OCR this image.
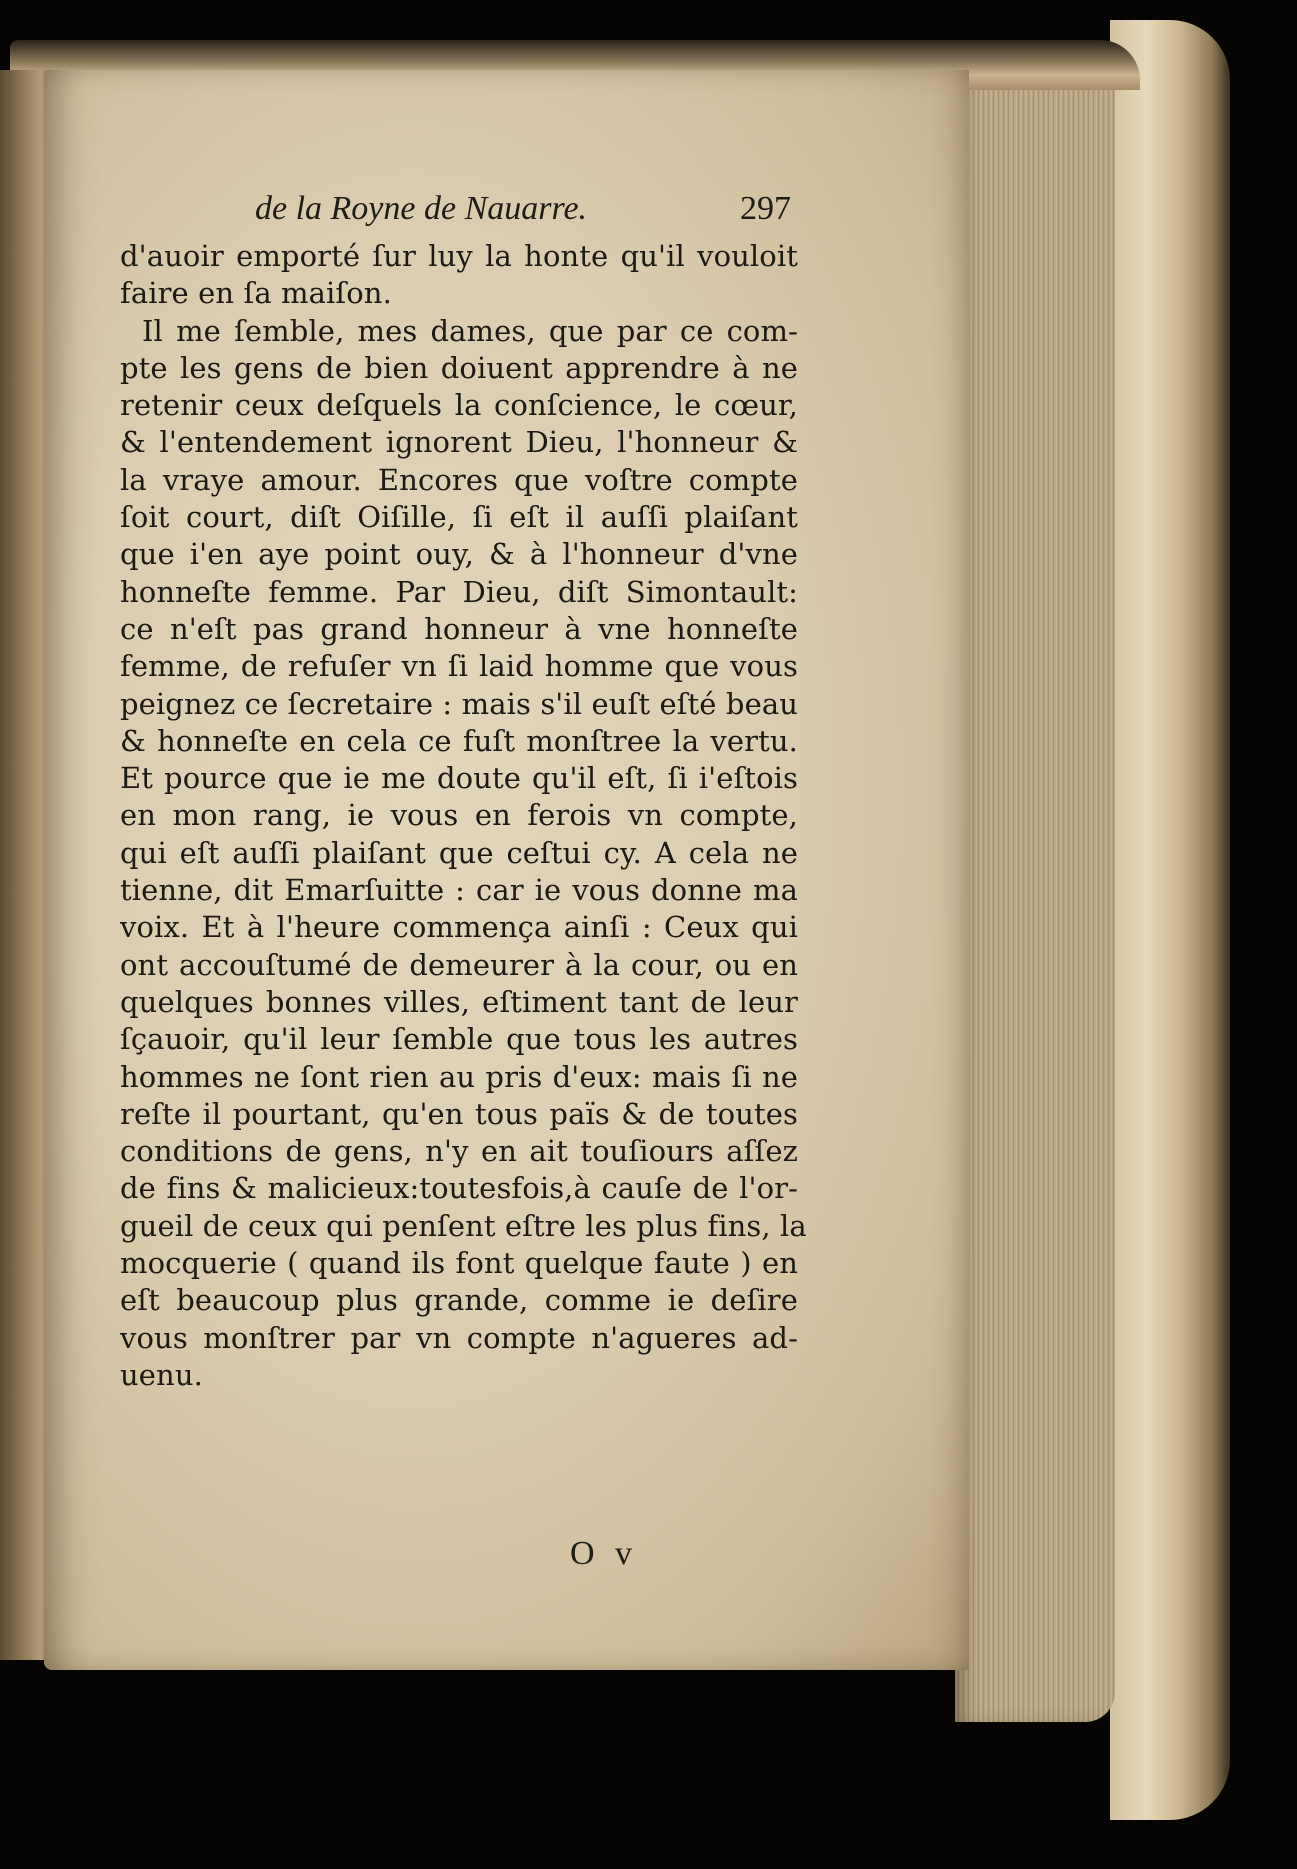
de la Royne de Nauarre.	297
d'auoir emporté ſur luy la honte qu'il vouloit
faire en ſa maiſon.
Il me ſemble, mes dames, que par ce com-
pte les gens de bien doiuent apprendre à ne
retenir ceux deſquels la conſcience, le cœur,
& l'entendement ignorent Dieu, l'honneur &
la vraye amour. Encores que voſtre compte
ſoit court, diſt Oiſille, ſi eſt il auſſi plaiſant
que i'en aye point ouy, & à l'honneur d'vne
honneſte femme. Par Dieu, diſt Simontault:
ce n'eſt pas grand honneur à vne honneſte
femme, de refuſer vn ſi laid homme que vous
peignez ce ſecretaire : mais s'il euſt eſté beau
& honneſte en cela ce fuſt monſtree la vertu.
Et pource que ie me doute qu'il eſt, ſi i'eſtois
en mon rang, ie vous en ferois vn compte,
qui eſt auſſi plaiſant que ceſtui cy. A cela ne
tienne, dit Emarſuitte : car ie vous donne ma
voix. Et à l'heure commença ainſi : Ceux qui
ont accouſtumé de demeurer à la cour, ou en
quelques bonnes villes, eſtiment tant de leur
ſçauoir, qu'il leur ſemble que tous les autres
hommes ne ſont rien au pris d'eux: mais ſi ne
reſte il pourtant, qu'en tous païs & de toutes
conditions de gens, n'y en ait touſiours aſſez
de fins & malicieux:toutesfois,à cauſe de l'or-
gueil de ceux qui penſent eſtre les plus fins, la
mocquerie ( quand ils font quelque faute ) en
eſt beaucoup plus grande, comme ie deſire
vous monſtrer par vn compte n'agueres ad-
uenu.
O v
